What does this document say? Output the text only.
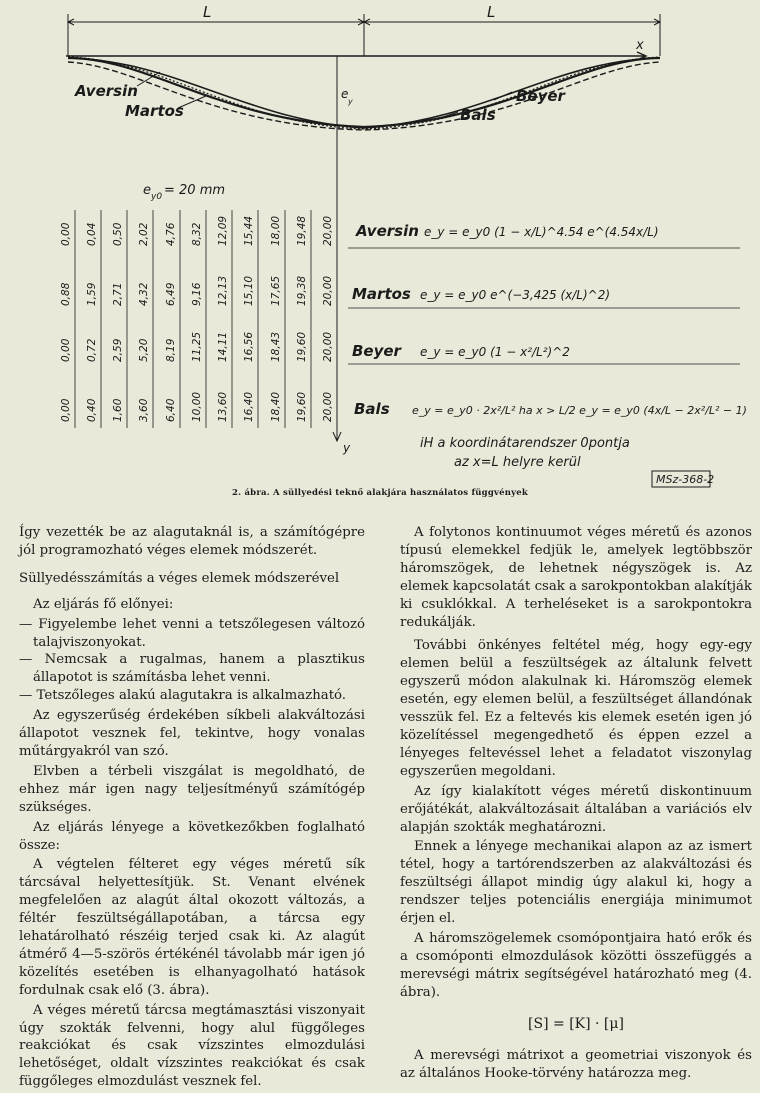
L	L
x
y
e
y
Aversin
Martos
Beyer
Bals
e y0 = 20 mm
0,00 0,04 0,50 2,02 4,76 8,32 12,09 15,44 18,00 19,48 20,00
0,88 1,59 2,71 4,32 6,49 9,16 12,13 15,10 17,65 19,38 20,00
0,00 0,72 2,59 5,20 8,19 11,25 14,11 16,56 18,43 19,60 20,00
0,00 0,40 1,60 3,60 6,40 10,00 13,60 16,40 18,40 19,60 20,00
Aversin e_y = e_y0 (1 − x/L)^4.54 e^(4.54x/L)
Martos e_y = e_y0 e^(−3,425 (x/L)^2)
Beyer e_y = e_y0 (1 − x²/L²)^2
Bals e_y = e_y0 · 2x²/L² ha x > L/2 e_y = e_y0 (4x/L − 2x²/L² − 1)
iH a koordinátarendszer 0pontja
az x=L helyre kerül
MSz-368-2
2. ábra. A süllyedési teknő alakjára használatos függvények

Így vezették be az alagutaknál is, a számítógépre jól programozható véges elemek módszerét.

Süllyedésszámítás a véges elemek módszerével

Az eljárás fő előnyei:

— Figyelembe lehet venni a tetszőlegesen változó talajviszonyokat.
— Nemcsak a rugalmas, hanem a plasztikus állapotot is számításba lehet venni.
— Tetszőleges alakú alagutakra is alkalmazható.

Az egyszerűség érdekében síkbeli alakváltozási állapotot vesznek fel, tekintve, hogy vonalas műtárgyakról van szó.

Elvben a térbeli viszgálat is megoldható, de ehhez már igen nagy teljesítményű számítógép szükséges.

Az eljárás lényege a következőkben foglalható össze:

A végtelen félteret egy véges méretű sík tárcsával helyettesítjük. St. Venant elvének megfelelően az alagút által okozott változás, a féltér feszültségállapotában, a tárcsa egy lehatárolható részéig terjed csak ki. Az alagút átmérő 4—5-szörös értékénél távolabb már igen jó közelítés esetében is elhanyagolható hatások fordulnak csak elő (3. ábra).

A véges méretű tárcsa megtámasztási viszonyait úgy szokták felvenni, hogy alul függőleges reakciókat és csak vízszintes elmozdulási lehetőséget, oldalt vízszintes reakciókat és csak függőleges elmozdulást vesznek fel.

A folytonos kontinuumot véges méretű és azonos típusú elemekkel fedjük le, amelyek legtöbbször háromszögek, de lehetnek négyszögek is. Az elemek kapcsolatát csak a sarokpontokban alakítják ki csuklókkal. A terheléseket is a sarokpontokra redukálják.

További önkényes feltétel még, hogy egy-egy elemen belül a feszültségek az általunk felvett egyszerű módon alakulnak ki. Háromszög elemek esetén, egy elemen belül, a feszültséget állandónak vesszük fel. Ez a feltevés kis elemek esetén igen jó közelítéssel megengedhető és éppen ezzel a lényeges feltevéssel lehet a feladatot viszonylag egyszerűen megoldani.

Az így kialakított véges méretű diskontinuum erőjátékát, alakváltozásait általában a variációs elv alapján szokták meghatározni.

Ennek a lényege mechanikai alapon az az ismert tétel, hogy a tartórendszerben az alakváltozási és feszültségi állapot mindig úgy alakul ki, hogy a rendszer teljes potenciális energiája minimumot érjen el.

A háromszögelemek csomópontjaira ható erők és a csomóponti elmozdulások közötti összefüggés a merevségi mátrix segítségével határozható meg (4. ábra).

[S] = [K] · [μ]

A merevségi mátrixot a geometriai viszonyok és az általános Hooke-törvény határozza meg.
